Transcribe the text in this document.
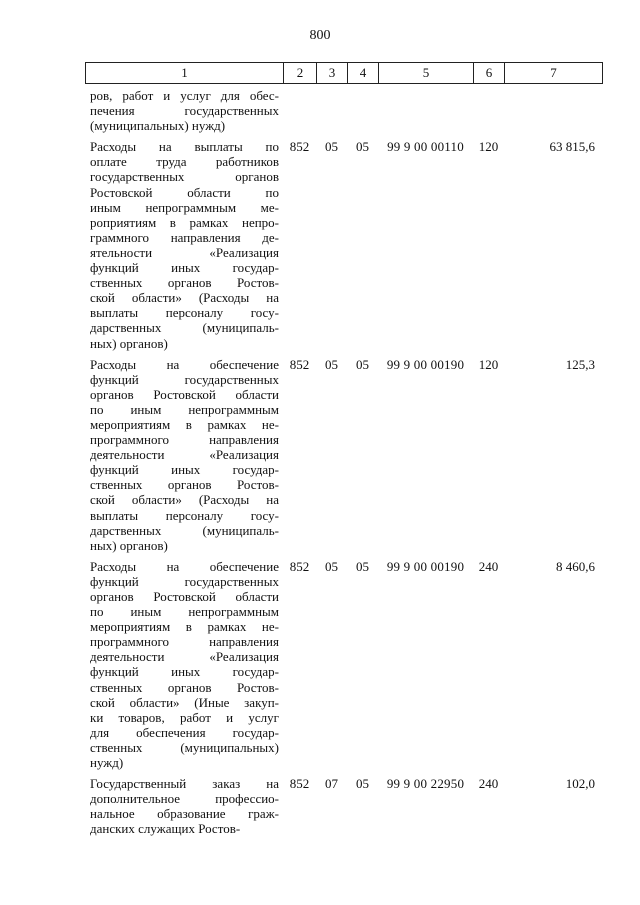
800
1	2	3	4	5	6	7
ров, работ и услуг для обес-
печения государственных
(муниципальных) нужд)
Расходы на выплаты по
оплате труда работников
государственных органов
Ростовской области по
иным непрограммным ме-
роприятиям в рамках непро-
граммного направления де-
ятельности «Реализация
функций иных государ-
ственных органов Ростов-
ской области» (Расходы на
выплаты персоналу госу-
дарственных (муниципаль-
ных) органов)
852	05	05	99 9 00 00110	120	63 815,6
Расходы на обеспечение
функций государственных
органов Ростовской области
по иным непрограммным
мероприятиям в рамках не-
программного направления
деятельности «Реализация
функций иных государ-
ственных органов Ростов-
ской области» (Расходы на
выплаты персоналу госу-
дарственных (муниципаль-
ных) органов)
852	05	05	99 9 00 00190	120	125,3
Расходы на обеспечение
функций государственных
органов Ростовской области
по иным непрограммным
мероприятиям в рамках не-
программного направления
деятельности «Реализация
функций иных государ-
ственных органов Ростов-
ской области» (Иные закуп-
ки товаров, работ и услуг
для обеспечения государ-
ственных (муниципальных)
нужд)
852	05	05	99 9 00 00190	240	8 460,6
Государственный заказ на
дополнительное профессио-
нальное образование граж-
данских служащих Ростов-
852	07	05	99 9 00 22950	240	102,0
